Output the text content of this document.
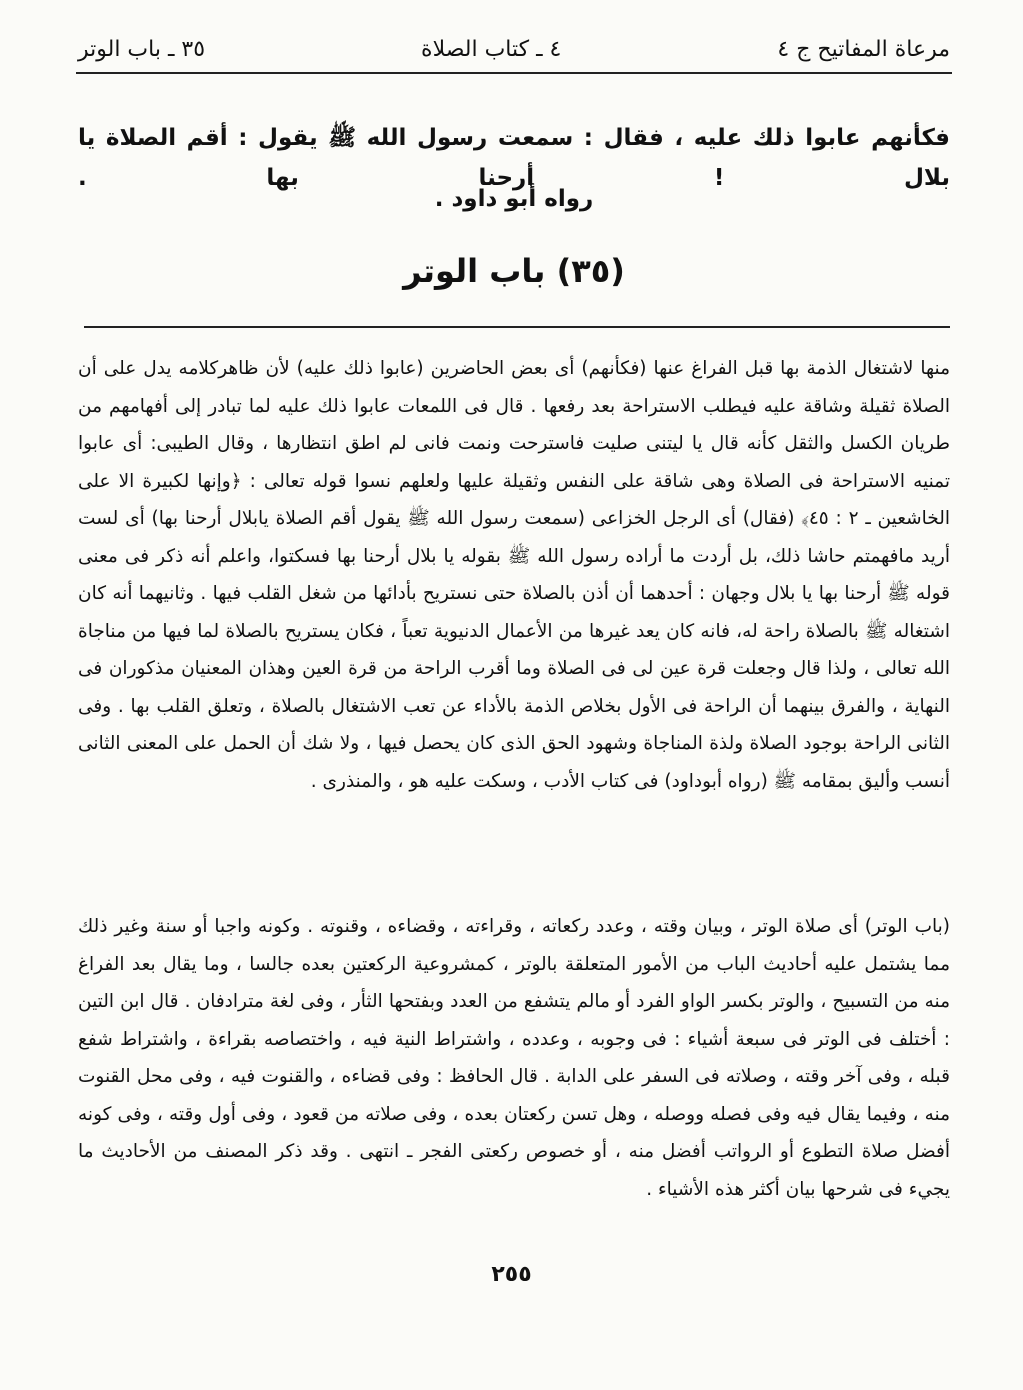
مرعاة المفاتيح ج ٤
٤ ـ كتاب الصلاة
٣٥ ـ باب الوتر
فكأنهم عابوا ذلك عليه ، فقال : سمعت رسول الله ﷺ يقول : أقم الصلاة يا بلال ! أرحنا بها .
رواه أبو داود .
(٣٥) باب الوتر

منها لاشتغال الذمة بها قبل الفراغ عنها (فكأنهم) أى بعض الحاضرين (عابوا ذلك عليه) لأن ظاهركلامه يدل على أن الصلاة ثقيلة وشاقة عليه فيطلب الاستراحة بعد رفعها . قال فى اللمعات عابوا ذلك عليه لما تبادر إلى أفهامهم من طريان الكسل والثقل كأنه قال يا ليتنى صليت فاسترحت ونمت فانى لم اطق انتظارها ، وقال الطيبى: أى عابوا تمنيه الاستراحة فى الصلاة وهى شاقة على النفس وثقيلة عليها ولعلهم نسوا قوله تعالى : ﴿وإنها لكبيرة الا على الخاشعين ـ ٢ : ٤٥﴾ (فقال) أى الرجل الخزاعى (سمعت رسول الله ﷺ يقول أقم الصلاة يابلال أرحنا بها) أى لست أريد مافهمتم حاشا ذلك، بل أردت ما أراده رسول الله ﷺ بقوله يا بلال أرحنا بها فسكتوا، واعلم أنه ذكر فى معنى قوله ﷺ أرحنا بها يا بلال وجهان : أحدهما أن أذن بالصلاة حتى نستريح بأدائها من شغل القلب فيها . وثانيهما أنه كان اشتغاله ﷺ بالصلاة راحة له، فانه كان يعد غيرها من الأعمال الدنيوية تعباً ، فكان يستريح بالصلاة لما فيها من مناجاة الله تعالى ، ولذا قال وجعلت قرة عين لى فى الصلاة وما أقرب الراحة من قرة العين وهذان المعنيان مذكوران فى النهاية ، والفرق بينهما أن الراحة فى الأول بخلاص الذمة بالأداء عن تعب الاشتغال بالصلاة ، وتعلق القلب بها . وفى الثانى الراحة بوجود الصلاة ولذة المناجاة وشهود الحق الذى كان يحصل فيها ، ولا شك أن الحمل على المعنى الثانى أنسب وأليق بمقامه ﷺ (رواه أبوداود) فى كتاب الأدب ، وسكت عليه هو ، والمنذرى .

(باب الوتر) أى صلاة الوتر ، وبيان وقته ، وعدد ركعاته ، وقراءته ، وقضاءه ، وقنوته . وكونه واجبا أو سنة وغير ذلك مما يشتمل عليه أحاديث الباب من الأمور المتعلقة بالوتر ، كمشروعية الركعتين بعده جالسا ، وما يقال بعد الفراغ منه من التسبيح ، والوتر بكسر الواو الفرد أو مالم يتشفع من العدد وبفتحها الثأر ، وفى لغة مترادفان . قال ابن التين : أختلف فى الوتر فى سبعة أشياء : فى وجوبه ، وعدده ، واشتراط النية فيه ، واختصاصه بقراءة ، واشتراط شفع قبله ، وفى آخر وقته ، وصلاته فى السفر على الدابة . قال الحافظ : وفى قضاءه ، والقنوت فيه ، وفى محل القنوت منه ، وفيما يقال فيه وفى فصله ووصله ، وهل تسن ركعتان بعده ، وفى صلاته من قعود ، وفى أول وقته ، وفى كونه أفضل صلاة التطوع أو الرواتب أفضل منه ، أو خصوص ركعتى الفجر ـ انتهى . وقد ذكر المصنف من الأحاديث ما يجيء فى شرحها بيان أكثر هذه الأشياء .

٢٥٥
